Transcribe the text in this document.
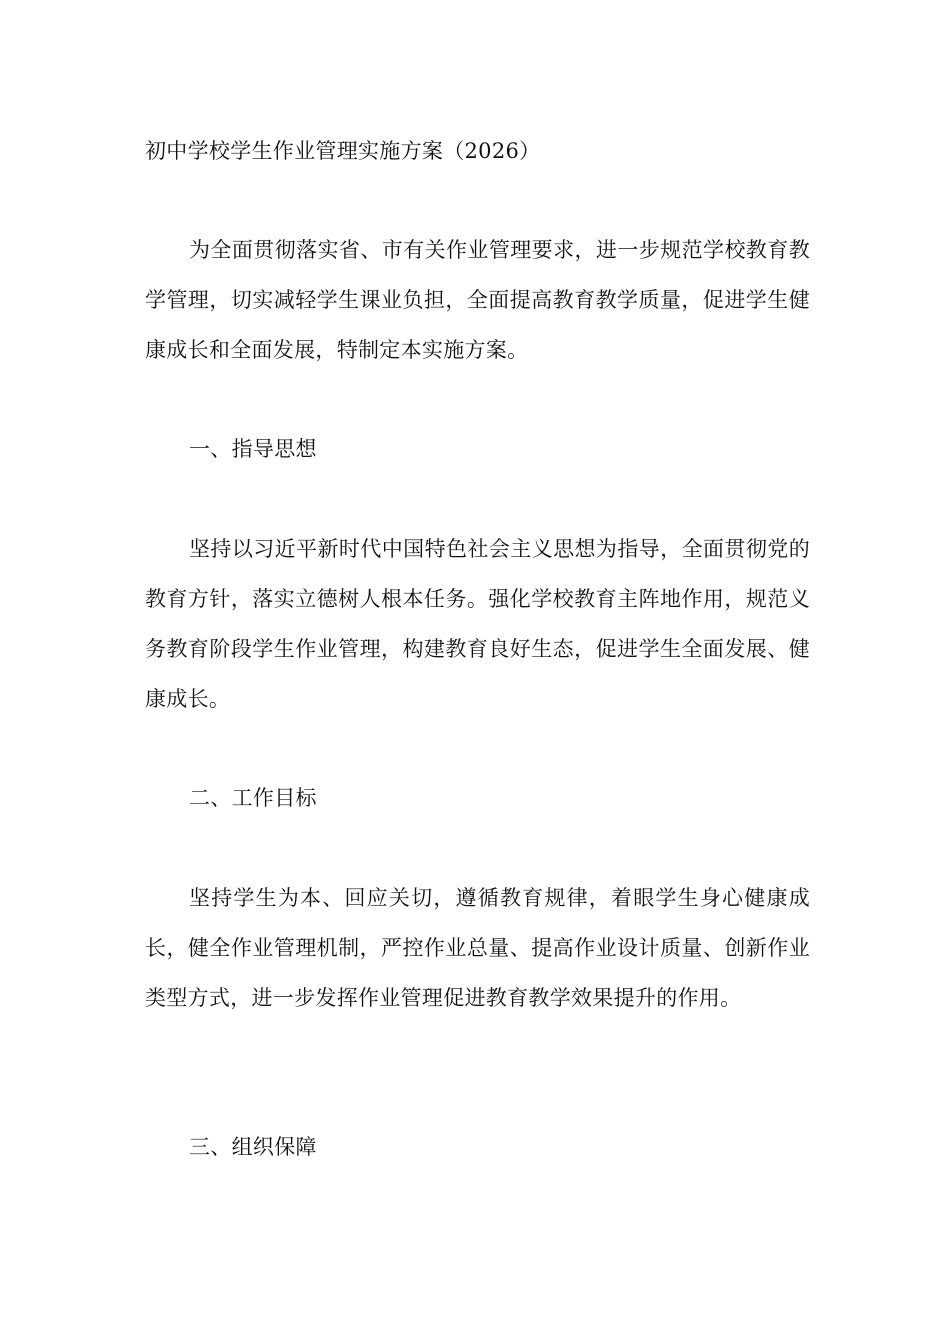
初中学校学生作业管理实施方案（2026）
为全面贯彻落实省、市有关作业管理要求，进一步规范学校教育教学管理，切实减轻学生课业负担，全面提高教育教学质量，促进学生健康成长和全面发展，特制定本实施方案。
一、指导思想
坚持以习近平新时代中国特色社会主义思想为指导，全面贯彻党的教育方针，落实立德树人根本任务。强化学校教育主阵地作用，规范义务教育阶段学生作业管理，构建教育良好生态，促进学生全面发展、健康成长。
二、工作目标
坚持学生为本、回应关切，遵循教育规律，着眼学生身心健康成长，健全作业管理机制，严控作业总量、提高作业设计质量、创新作业类型方式，进一步发挥作业管理促进教育教学效果提升的作用。
三、组织保障
